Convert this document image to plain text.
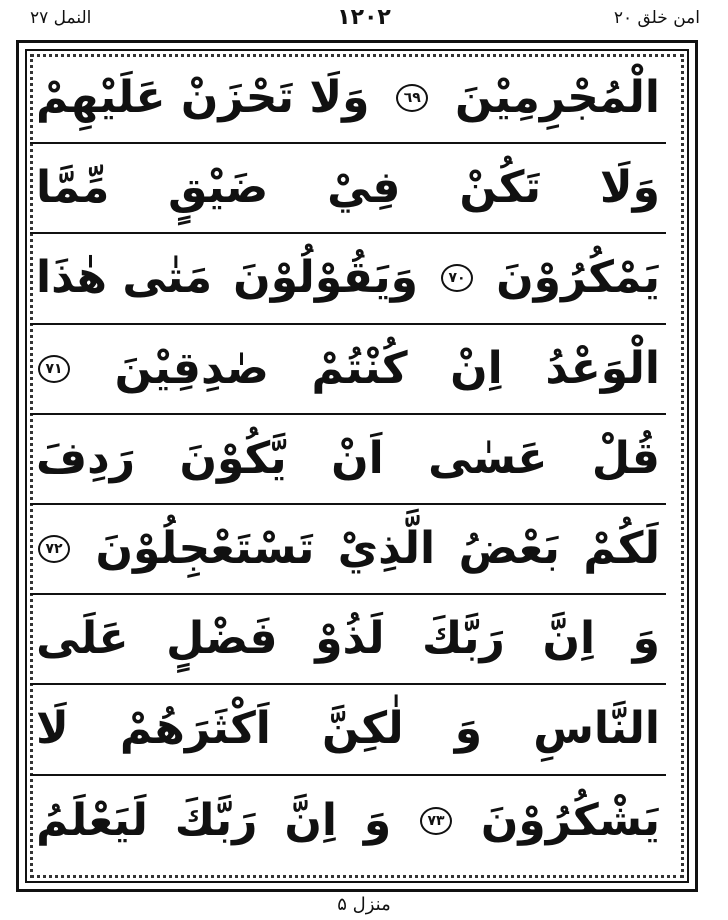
امن خلق ۲۰
۱۲۰۲
النمل ۲۷
الْمُجْرِمِيْنَ
٦٩
وَلَا تَحْزَنْ عَلَيْهِمْ
وَلَا
تَكُنْ
فِيْ
ضَيْقٍ
مِّمَّا
يَمْكُرُوْنَ
٧٠
وَيَقُوْلُوْنَ
مَتٰى هٰذَا
الْوَعْدُ
اِنْ
كُنْتُمْ
صٰدِقِيْنَ
٧١
قُلْ
عَسٰى
اَنْ
يَّكُوْنَ
رَدِفَ
لَكُمْ
بَعْضُ
الَّذِيْ
تَسْتَعْجِلُوْنَ
٧٢
وَ
اِنَّ
رَبَّكَ
لَذُوْ
فَضْلٍ
عَلَى
النَّاسِ
وَ
لٰكِنَّ
اَكْثَرَهُمْ
لَا
يَشْكُرُوْنَ
٧٣
وَ
اِنَّ
رَبَّكَ
لَيَعْلَمُ
منزل ۵
